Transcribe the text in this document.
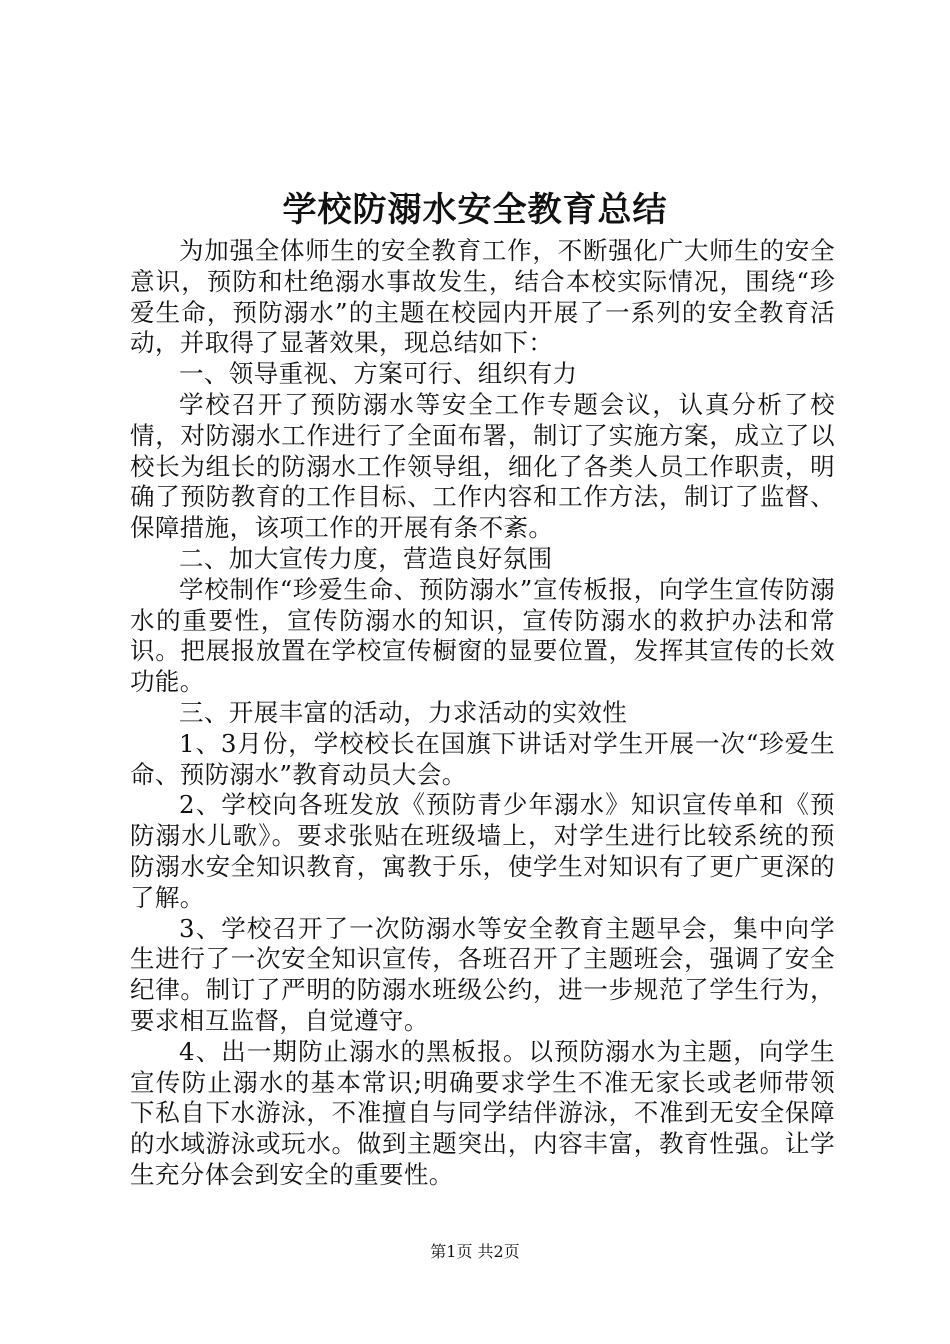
学校防溺水安全教育总结

为加强全体师生的安全教育工作，不断强化广大师生的安全意识，预防和杜绝溺水事故发生，结合本校实际情况，围绕“珍爱生命，预防溺水”的主题在校园内开展了一系列的安全教育活动，并取得了显著效果，现总结如下：

一、领导重视、方案可行、组织有力

学校召开了预防溺水等安全工作专题会议，认真分析了校情，对防溺水工作进行了全面布署，制订了实施方案，成立了以校长为组长的防溺水工作领导组，细化了各类人员工作职责，明确了预防教育的工作目标、工作内容和工作方法，制订了监督、保障措施，该项工作的开展有条不紊。

二、加大宣传力度，营造良好氛围

学校制作“珍爱生命、预防溺水”宣传板报，向学生宣传防溺水的重要性，宣传防溺水的知识，宣传防溺水的救护办法和常识。把展报放置在学校宣传橱窗的显要位置，发挥其宣传的长效功能。

三、开展丰富的活动，力求活动的实效性

1、3月份，学校校长在国旗下讲话对学生开展一次“珍爱生命、预防溺水”教育动员大会。

2、学校向各班发放《预防青少年溺水》知识宣传单和《预防溺水儿歌》。要求张贴在班级墙上，对学生进行比较系统的预防溺水安全知识教育，寓教于乐，使学生对知识有了更广更深的了解。

3、学校召开了一次防溺水等安全教育主题早会，集中向学生进行了一次安全知识宣传，各班召开了主题班会，强调了安全纪律。制订了严明的防溺水班级公约，进一步规范了学生行为，要求相互监督，自觉遵守。

4、出一期防止溺水的黑板报。以预防溺水为主题，向学生宣传防止溺水的基本常识;明确要求学生不准无家长或老师带领下私自下水游泳，不准擅自与同学结伴游泳，不准到无安全保障的水域游泳或玩水。做到主题突出，内容丰富，教育性强。让学生充分体会到安全的重要性。

第1页 共2页
